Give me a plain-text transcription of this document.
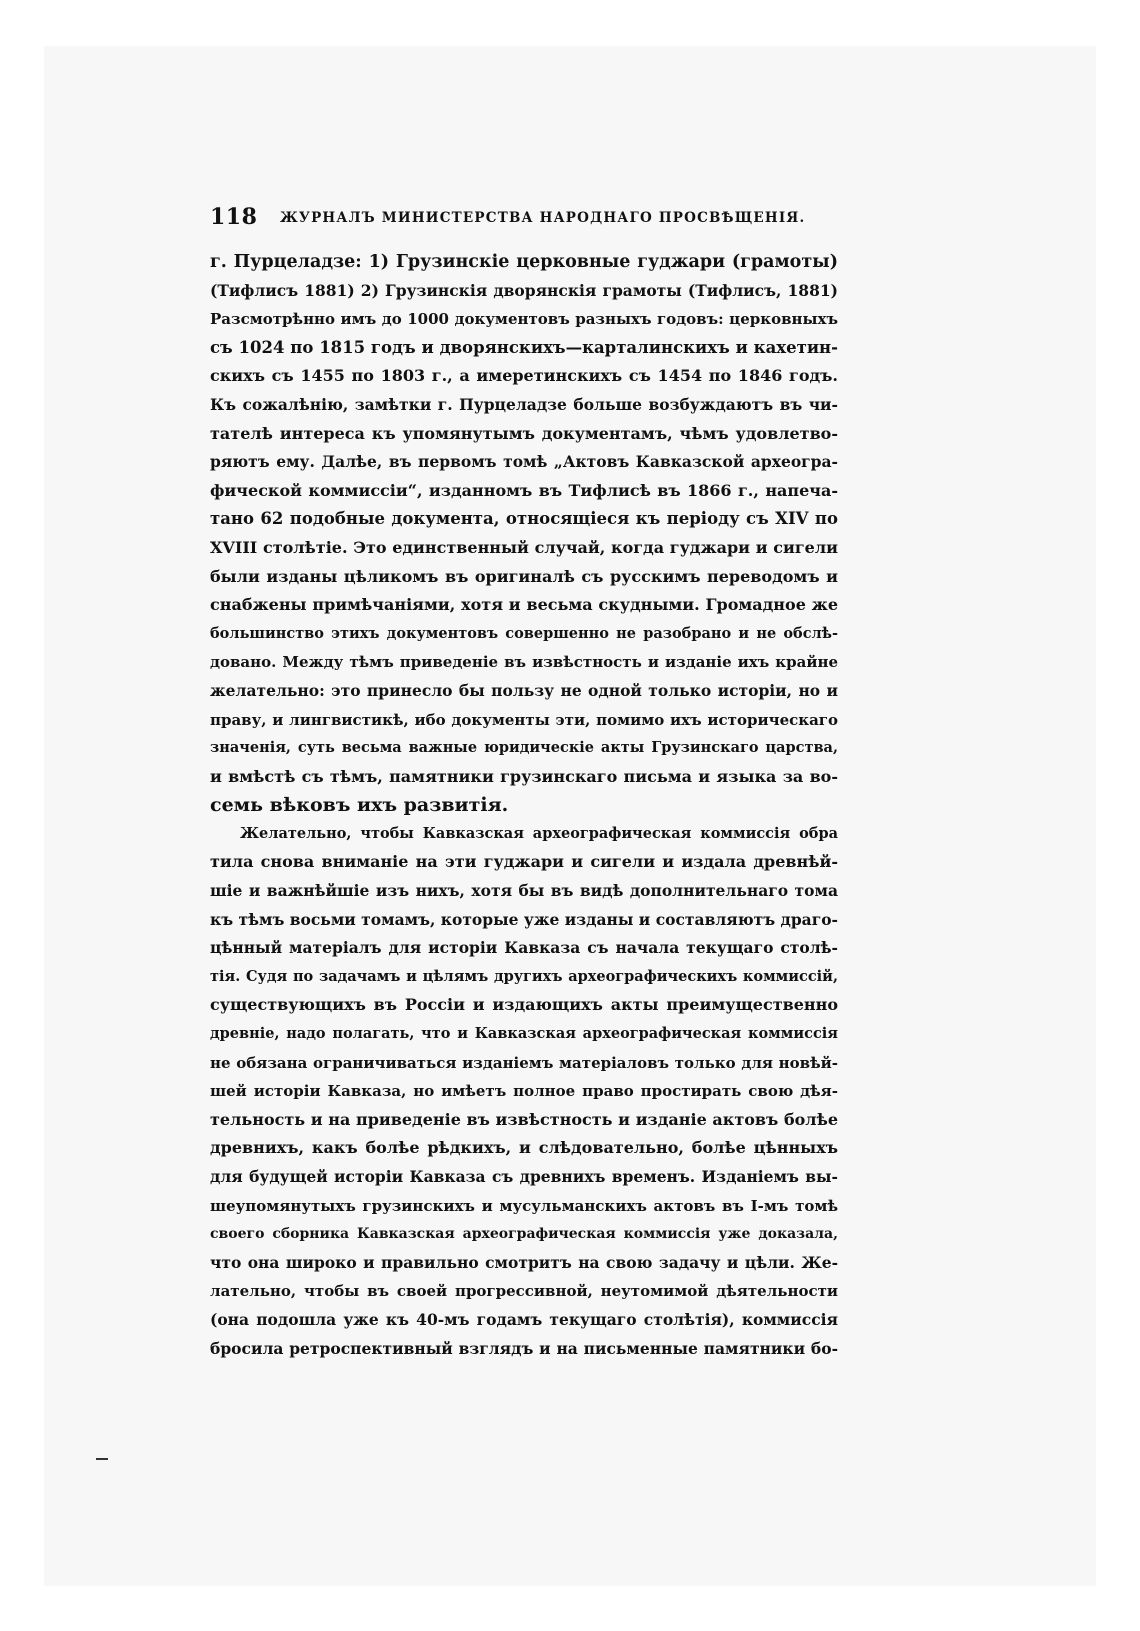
118 ЖУРНАЛЪ МИНИСТЕРСТВА НАРОДНАГО ПРОСВѢЩЕНІЯ.
г. Пурцеладзе: 1) Грузинскіе церковные гуджари (грамоты)
(Тифлисъ 1881) 2) Грузинскія дворянскія грамоты (Тифлисъ, 1881)
Разсмотрѣнно имъ до 1000 документовъ разныхъ годовъ: церковныхъ
съ 1024 по 1815 годъ и дворянскихъ—карталинскихъ и кахетин-
скихъ съ 1455 по 1803 г., а имеретинскихъ съ 1454 по 1846 годъ.
Къ сожалѣнію, замѣтки г. Пурцеладзе больше возбуждаютъ въ чи-
тателѣ интереса къ упомянутымъ документамъ, чѣмъ удовлетво-
ряютъ ему. Далѣе, въ первомъ томѣ „Актовъ Кавказской археогра-
фической коммиссіи“, изданномъ въ Тифлисѣ въ 1866 г., напеча-
тано 62 подобные документа, относящіеся къ періоду съ XIV по
XVIII столѣтіе. Это единственный случай, когда гуджари и сигели
были изданы цѣликомъ въ оригиналѣ съ русскимъ переводомъ и
снабжены примѣчаніями, хотя и весьма скудными. Громадное же
большинство этихъ документовъ совершенно не разобрано и не обслѣ-
довано. Между тѣмъ приведеніе въ извѣстность и изданіе ихъ крайне
желательно: это принесло бы пользу не одной только исторіи, но и
праву, и лингвистикѣ, ибо документы эти, помимо ихъ историческаго
значенія, суть весьма важные юридическіе акты Грузинскаго царства,
и вмѣстѣ съ тѣмъ, памятники грузинскаго письма и языка за во-
семь вѣковъ ихъ развитія.
Желательно, чтобы Кавказская археографическая коммиссія обра
тила снова вниманіе на эти гуджари и сигели и издала древнѣй-
шіе и важнѣйшіе изъ нихъ, хотя бы въ видѣ дополнительнаго тома
къ тѣмъ восьми томамъ, которые уже изданы и составляютъ драго-
цѣнный матеріалъ для исторіи Кавказа съ начала текущаго столѣ-
тія. Судя по задачамъ и цѣлямъ другихъ археографическихъ коммиссій,
существующихъ въ Россіи и издающихъ акты преимущественно
древніе, надо полагать, что и Кавказская археографическая коммиссія
не обязана ограничиваться изданіемъ матеріаловъ только для новѣй-
шей исторіи Кавказа, но имѣетъ полное право простирать свою дѣя-
тельность и на приведеніе въ извѣстность и изданіе актовъ болѣе
древнихъ, какъ болѣе рѣдкихъ, и слѣдовательно, болѣе цѣнныхъ
для будущей исторіи Кавказа съ древнихъ временъ. Изданіемъ вы-
шеупомянутыхъ грузинскихъ и мусульманскихъ актовъ въ I-мъ томѣ
своего сборника Кавказская археографическая коммиссія уже доказала,
что она широко и правильно смотритъ на свою задачу и цѣли. Же-
лательно, чтобы въ своей прогрессивной, неутомимой дѣятельности
(она подошла уже къ 40-мъ годамъ текущаго столѣтія), коммиссія
бросила ретроспективный взглядъ и на письменные памятники бо-
